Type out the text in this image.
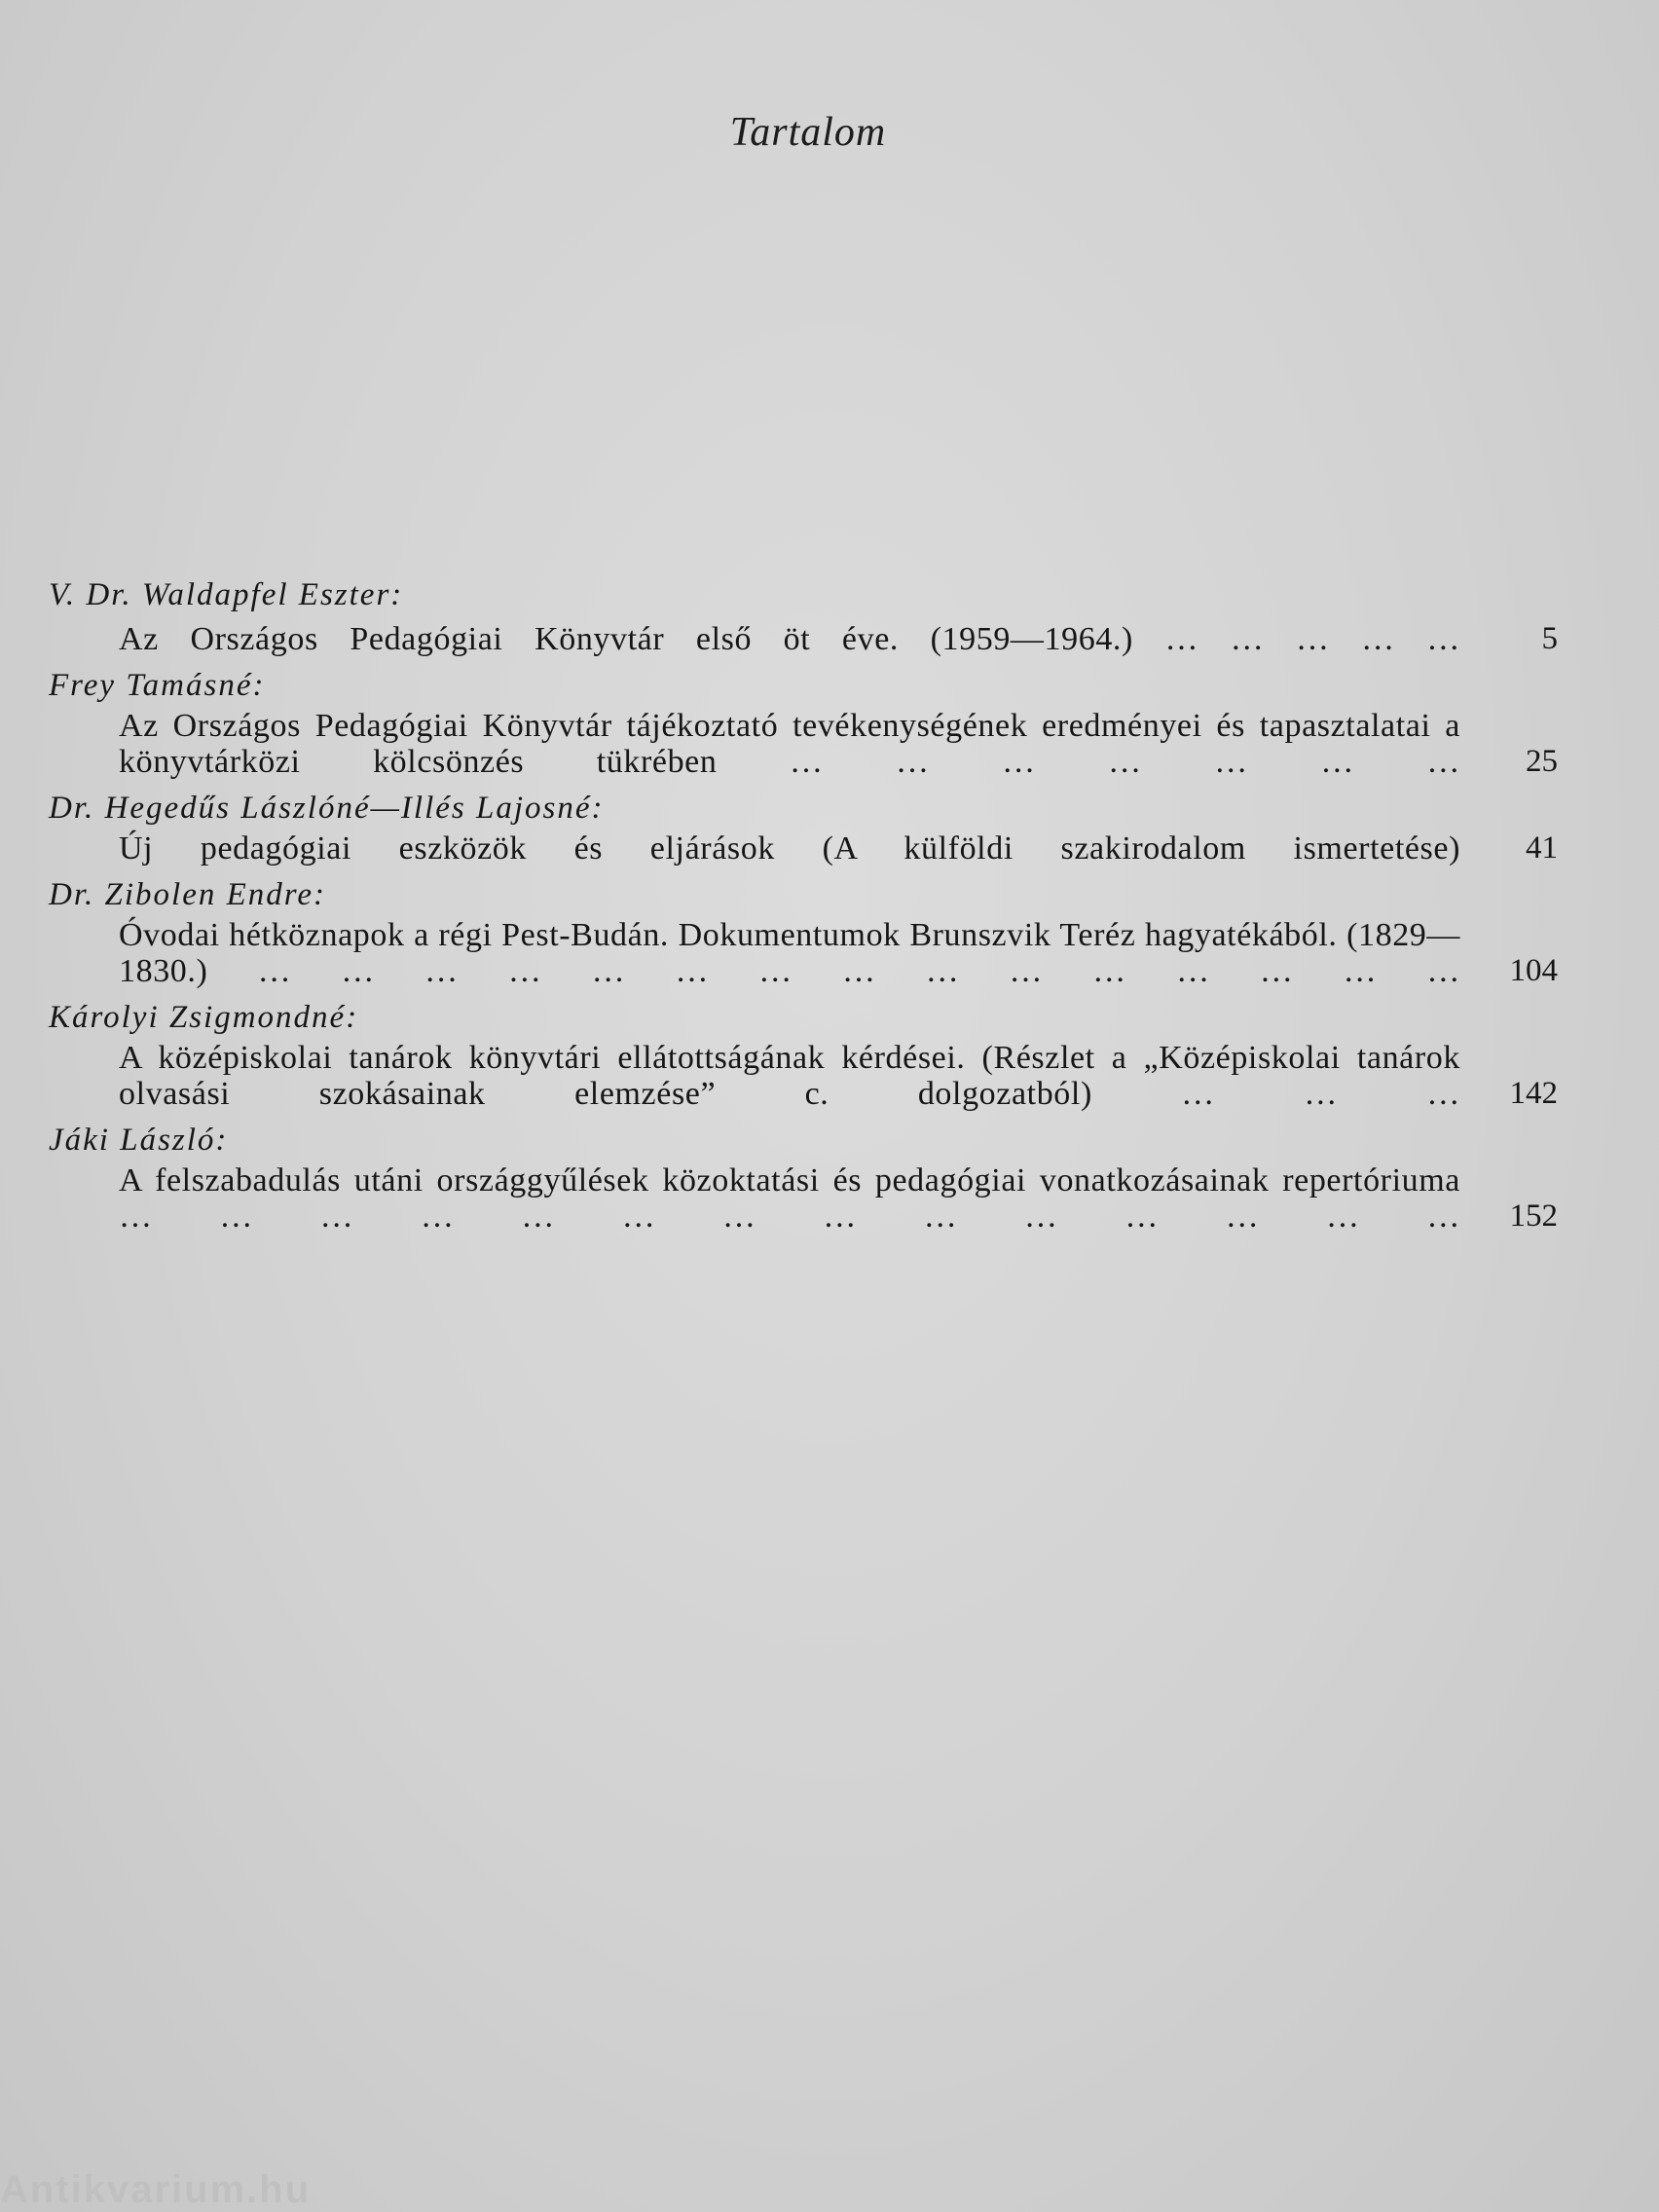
Tartalom
V. Dr. Waldapfel Eszter:
Az Országos Pedagógiai Könyvtár első öt éve. (1959—1964.) … … … … …	5
Frey Tamásné:
Az Országos Pedagógiai Könyvtár tájékoztató tevékenységének eredményei és tapasztalatai a könyvtárközi kölcsönzés tükrében … … … … … … …	25
Dr. Hegedűs Lászlóné—Illés Lajosné:
Új pedagógiai eszközök és eljárások (A külföldi szakirodalom ismertetése)	41
Dr. Zibolen Endre:
Óvodai hétköznapok a régi Pest-Budán. Dokumentumok Brunszvik Teréz hagyatékából. (1829—1830.) … … … … … … … … … … … … … … …	104
Károlyi Zsigmondné:
A középiskolai tanárok könyvtári ellátottságának kérdései. (Részlet a „Középiskolai tanárok olvasási szokásainak elemzése” c. dolgozatból) … … …	142
Jáki László:
A felszabadulás utáni országgyűlések közoktatási és pedagógiai vonatkozásainak repertóriuma … … … … … … … … … … … … … …	152
Antikvarium.hu
